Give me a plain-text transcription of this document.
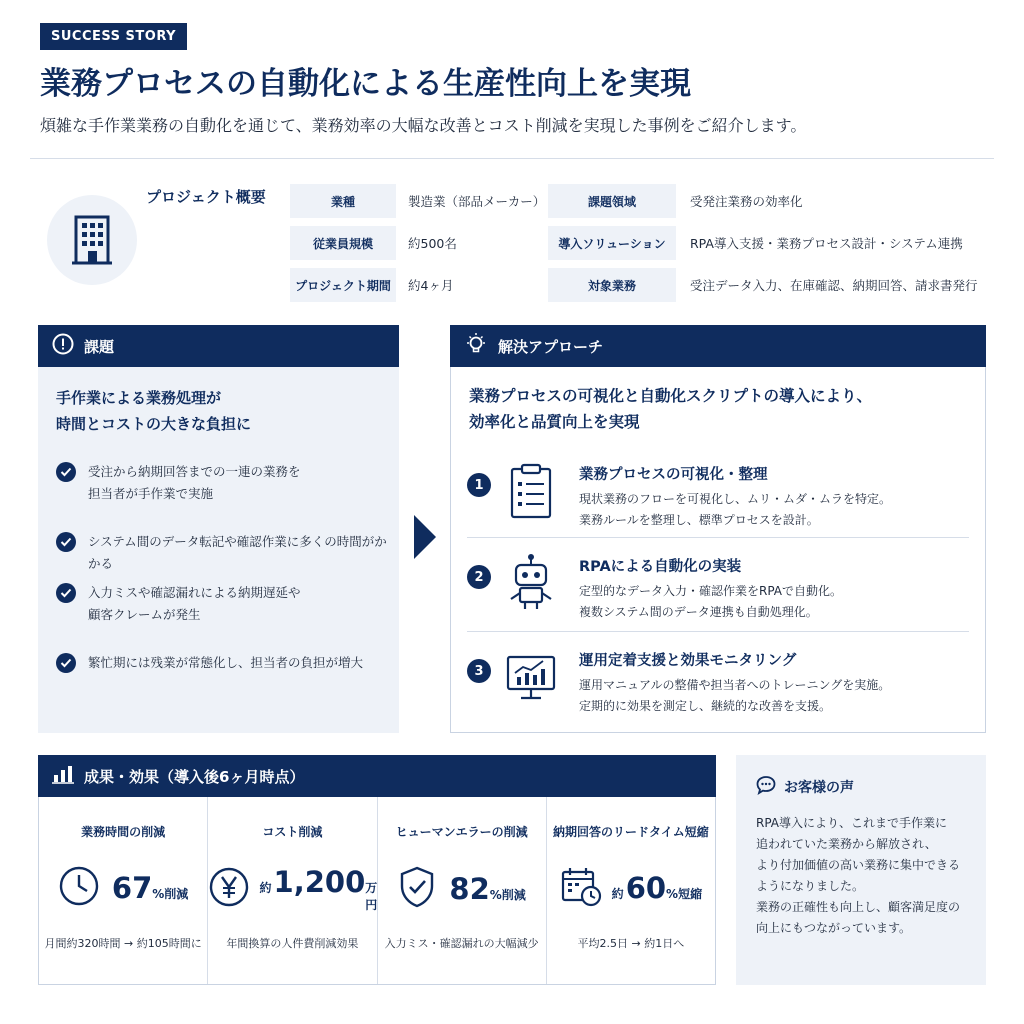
SUCCESS STORY
業務プロセスの自動化による生産性向上を実現

煩雑な手作業業務の自動化を通じて、業務効率の大幅な改善とコスト削減を実現した事例をご紹介します。

プロジェクト概要	業種	製造業（部品メーカー）	課題領域	受発注業務の効率化
従業員規模	約500名	導入ソリューション	RPA導入支援・業務プロセス設計・システム連携
プロジェクト期間	約4ヶ月	対象業務	受注データ入力、在庫確認、納期回答、請求書発行
課題
手作業による業務処理が
時間とコストの大きな負担に
受注から納期回答までの一連の業務を
担当者が手作業で実施
システム間のデータ転記や確認作業に多くの時間がかかる
入力ミスや確認漏れによる納期遅延や
顧客クレームが発生
繁忙期には残業が常態化し、担当者の負担が増大
解決アプローチ
業務プロセスの可視化と自動化スクリプトの導入により、
効率化と品質向上を実現
1
業務プロセスの可視化・整理
現状業務のフローを可視化し、ムリ・ムダ・ムラを特定。
業務ルールを整理し、標準プロセスを設計。
2
RPAによる自動化の実装
定型的なデータ入力・確認作業をRPAで自動化。
複数システム間のデータ連携も自動処理化。
3
運用定着支援と効果モニタリング
運用マニュアルの整備や担当者へのトレーニングを実施。
定期的に効果を測定し、継続的な改善を支援。
成果・効果（導入後6ヶ月時点）
業務時間の削減
67 %削減
月間約320時間 → 約105時間に
コスト削減
約 1,200 万円
年間換算の人件費削減効果
ヒューマンエラーの削減
82 %削減
入力ミス・確認漏れの大幅減少
納期回答のリードタイム短縮
約 60 %短縮
平均2.5日 → 約1日へ
お客様の声
RPA導入により、これまで手作業に
追われていた業務から解放され、
より付加価値の高い業務に集中できる
ようになりました。
業務の正確性も向上し、顧客満足度の
向上にもつながっています。
